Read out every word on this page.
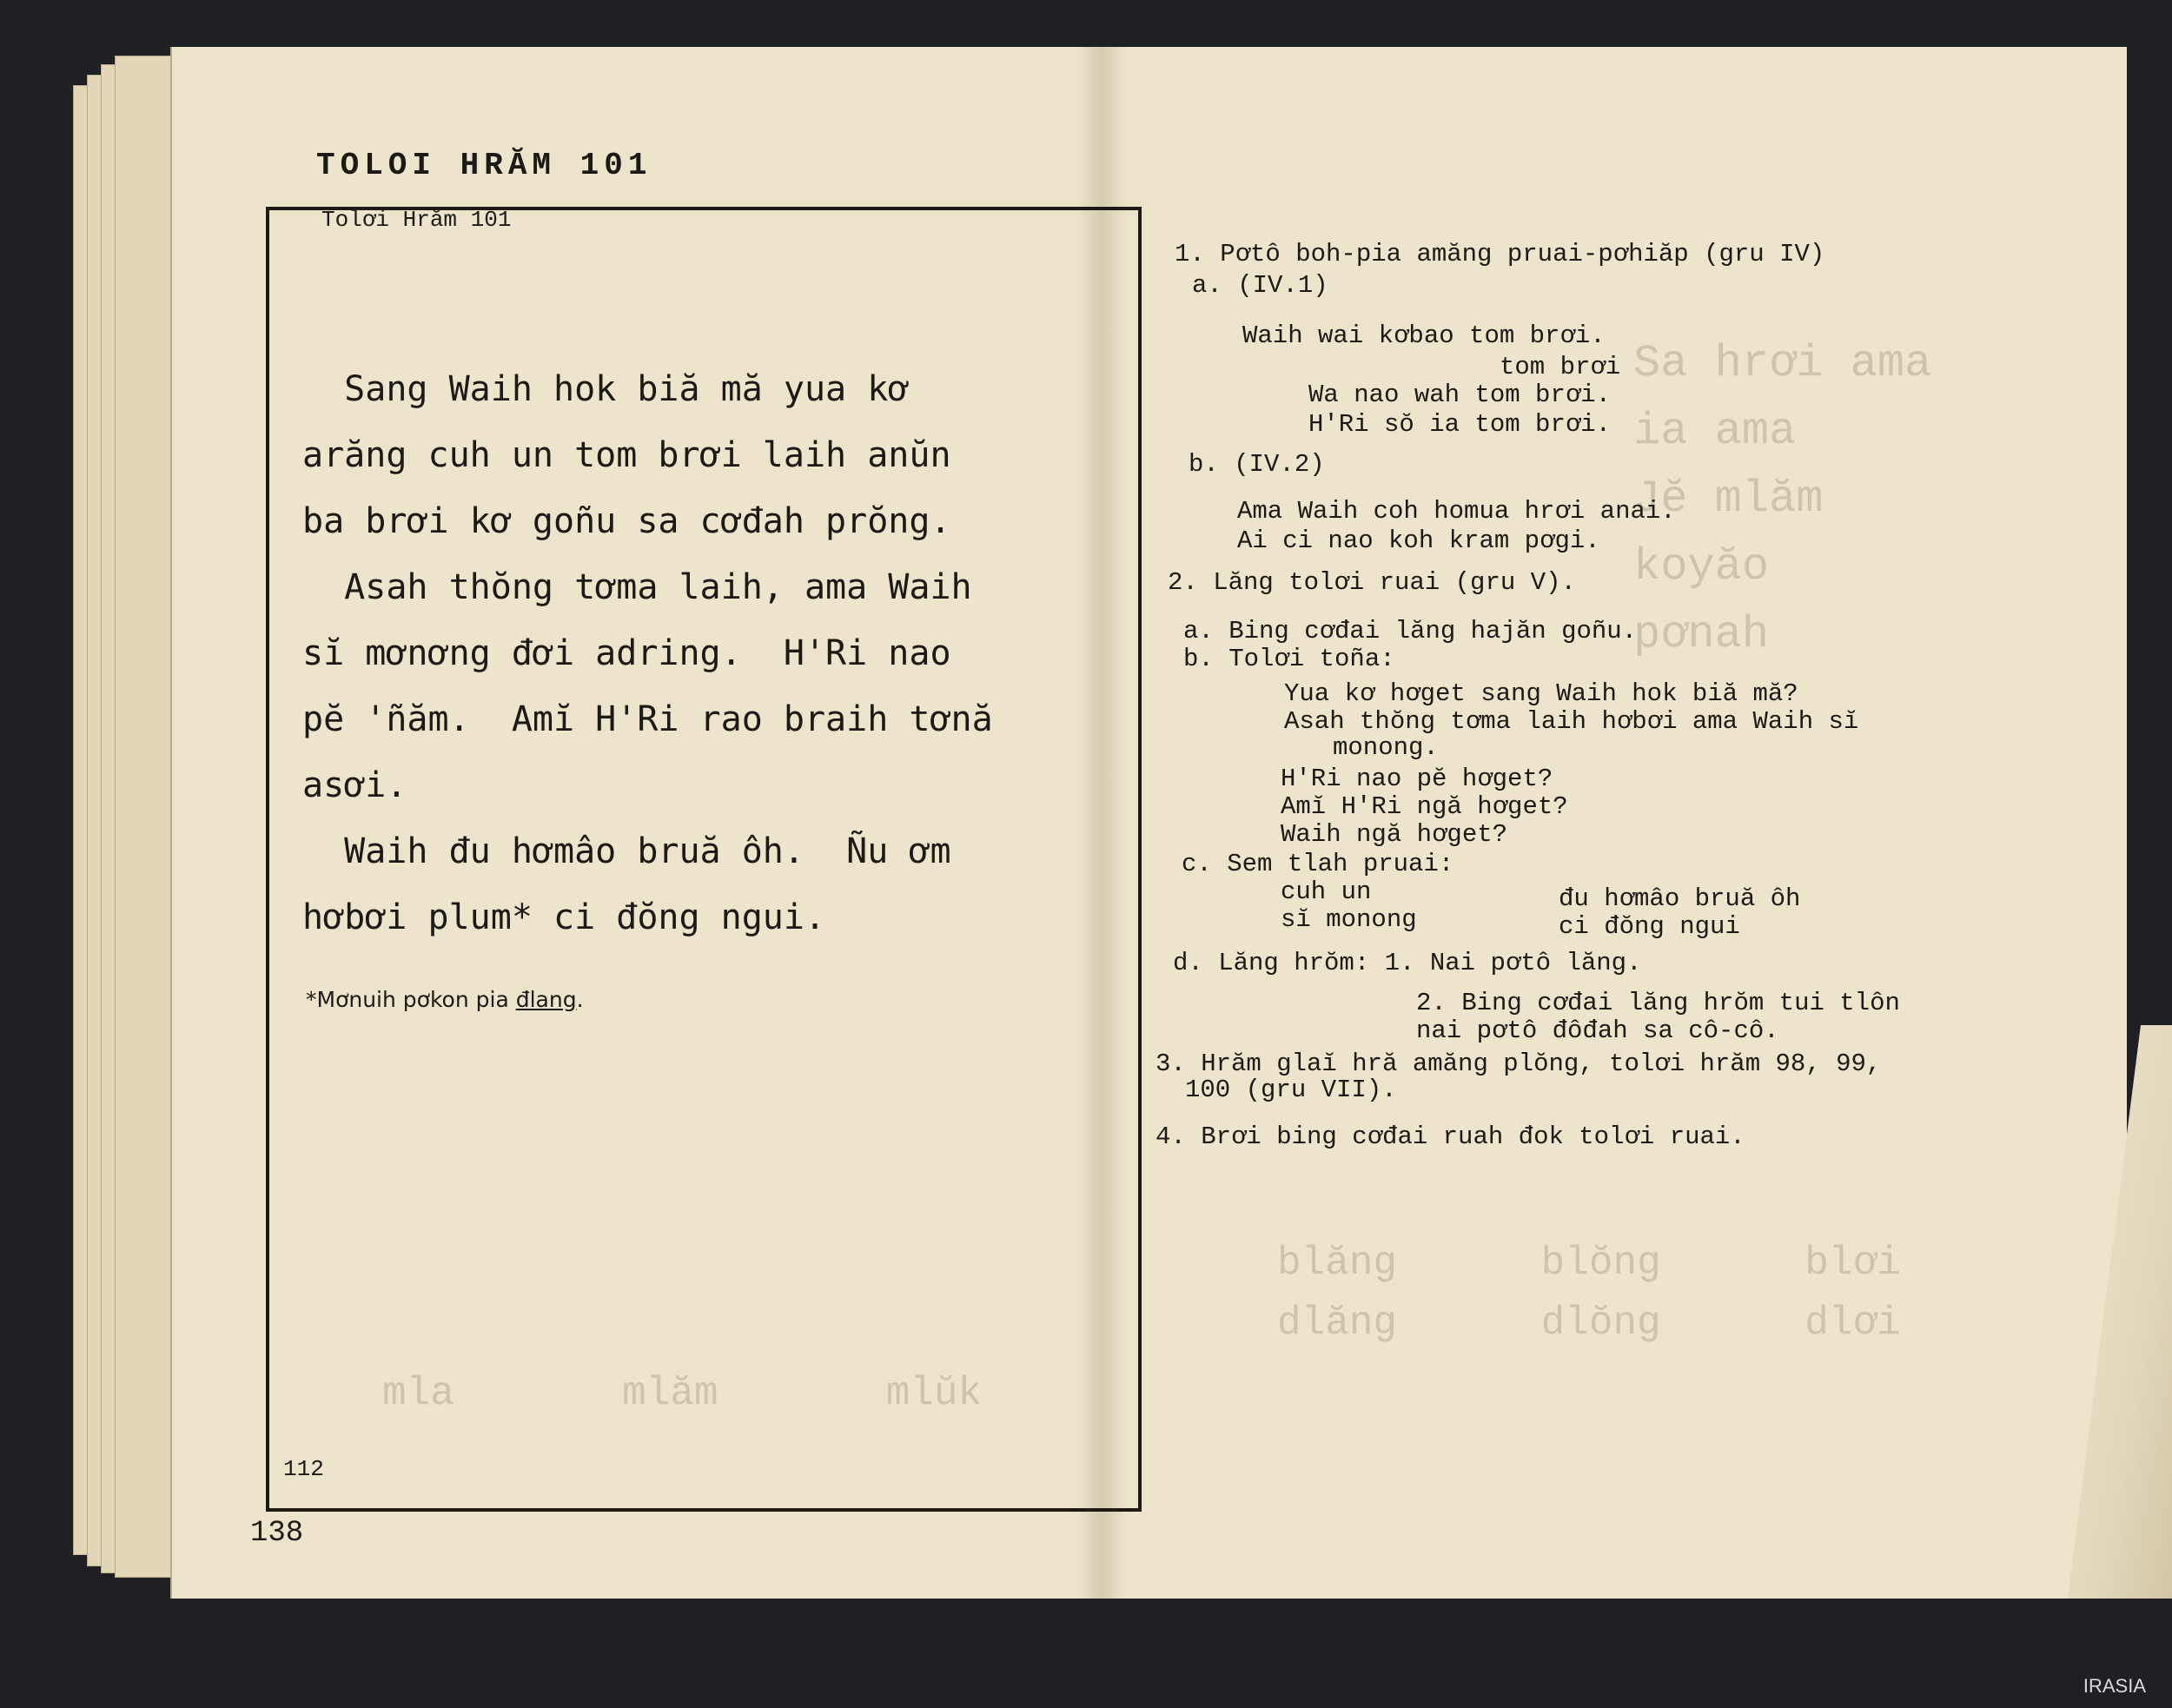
Sa hrơi ama
ia ama
Jĕ mlăm
koyăo
pơnah

blăng      blŏng      blơi
dlăng      dlŏng      dlơi
mla       mlăm       mlŭk
TOLOI HRĂM 101
Tolơi Hrăm 101
Sang Waih hok biă mă yua kơ
arăng cuh un tom brơi laih anŭn
ba brơi kơ goñu sa cơđah prŏng.
Asah thŏng tơma laih, ama Waih
sĭ mơnơng đơi adring.  H'Ri nao
pĕ 'ñăm.  Amĭ H'Ri rao braih tơnă
asơi.
Waih đu hơmâo bruă ôh.  Ñu ơm
hơbơi plum* ci đŏng ngui.
*Mơnuih pơkon pia đlang.
112
138
1. Pơtô boh-pia amăng pruai-pơhiăp (gru IV)
a. (IV.1)
Waih wai kơbao tom brơi.
tom brơi
Wa nao wah tom brơi.
H'Ri sŏ ia tom brơi.
b. (IV.2)
Ama Waih coh homua hrơi anai.
Ai ci nao koh kram pơgi.
2. Lăng tolơi ruai (gru V).
a. Bing cơđai lăng hajăn goñu.
b. Tolơi toña:
Yua kơ hơget sang Waih hok biă mă?
Asah thŏng tơma laih hơbơi ama Waih sĭ
monong.
H'Ri nao pĕ hơget?
Amĭ H'Ri ngă hơget?
Waih ngă hơget?
c. Sem tlah pruai:
cuh un	đu hơmâo bruă ôh
sĭ monong	ci đŏng ngui
d. Lăng hrŏm: 1. Nai pơtô lăng.
2. Bing cơđai lăng hrŏm tui tlôn
nai pơtô đôđah sa cô-cô.
3. Hrăm glaĭ hră amăng plŏng, tolơi hrăm 98, 99,
100 (gru VII).
4. Brơi bing cơđai ruah đok tolơi ruai.
IRASIA
